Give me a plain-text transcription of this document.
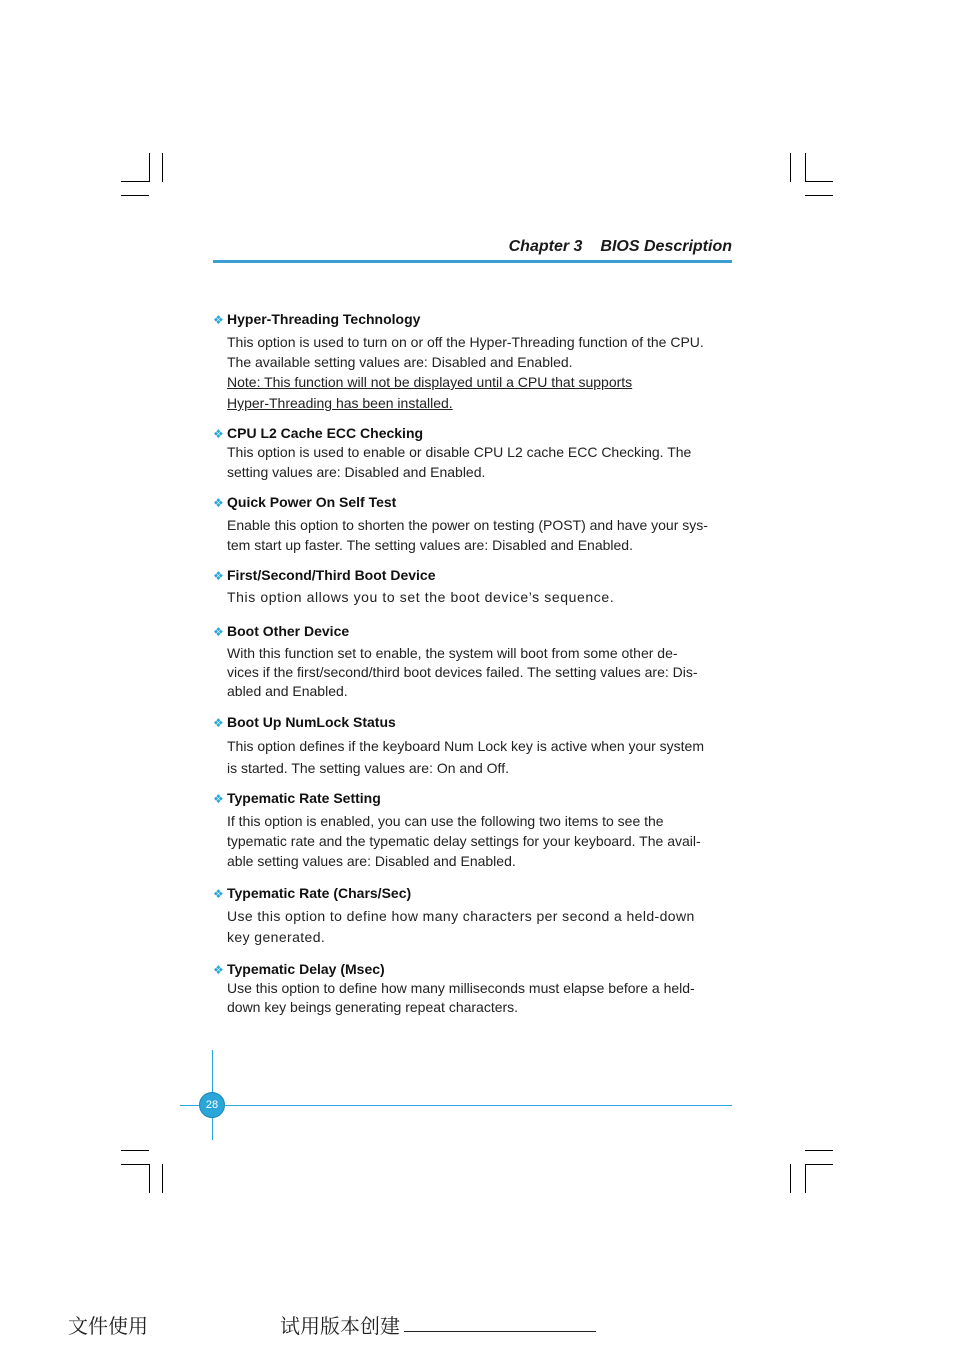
Chapter 3 BIOS Description
❖ Hyper-Threading Technology
This option is used to turn on or off the Hyper-Threading function of the CPU.
The available setting values are: Disabled and Enabled.
Note: This function will not be displayed until a CPU that supports
Hyper-Threading has been installed.
❖ CPU L2 Cache ECC Checking
This option is used to enable or disable CPU L2 cache ECC Checking. The
setting values are: Disabled and Enabled.
❖ Quick Power On Self Test
Enable this option to shorten the power on testing (POST) and have your sys-
tem start up faster. The setting values are: Disabled and Enabled.
❖ First/Second/Third Boot Device
This option allows you to set the boot device’s sequence.
❖ Boot Other Device
With this function set to enable, the system will boot from some other de-
vices if the first/second/third boot devices failed. The setting values are: Dis-
abled and Enabled.
❖ Boot Up NumLock Status
This option defines if the keyboard Num Lock key is active when your system
is started. The setting values are: On and Off.
❖ Typematic Rate Setting
If this option is enabled, you can use the following two items to see the
typematic rate and the typematic delay settings for your keyboard. The avail-
able setting values are: Disabled and Enabled.
❖ Typematic Rate (Chars/Sec)
Use this option to define how many characters per second a held-down
key generated.
❖ Typematic Delay (Msec)
Use this option to define how many milliseconds must elapse before a held-
down key beings generating repeat characters.
28
文件使用	试用版本创建
